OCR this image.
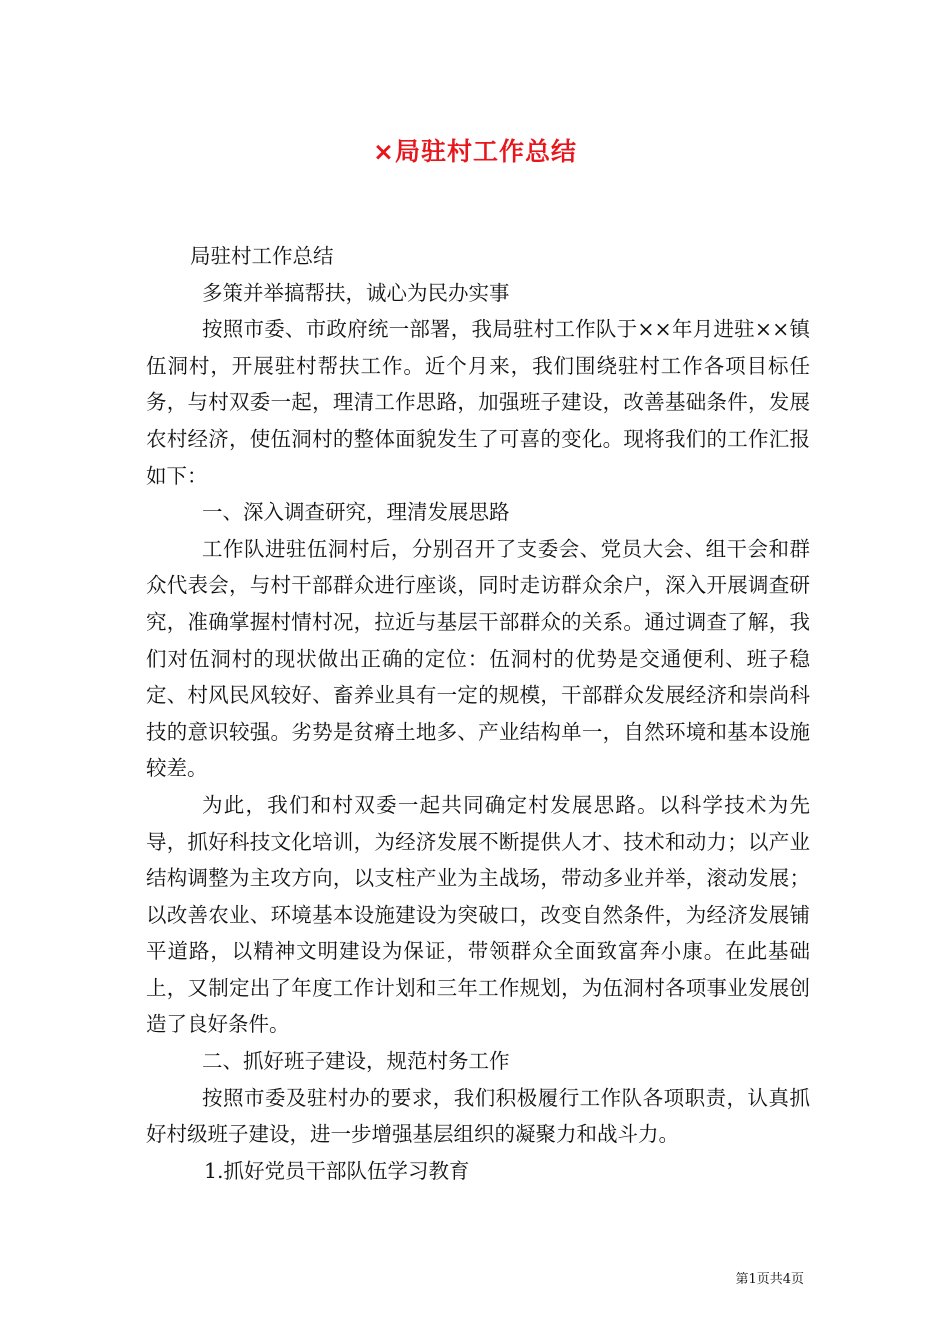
×局驻村工作总结

局驻村工作总结

多策并举搞帮扶，诚心为民办实事

按照市委、市政府统一部署，我局驻村工作队于××年月进驻××镇伍洞村，开展驻村帮扶工作。近个月来，我们围绕驻村工作各项目标任务，与村双委一起，理清工作思路，加强班子建设，改善基础条件，发展农村经济，使伍洞村的整体面貌发生了可喜的变化。现将我们的工作汇报如下：

一、深入调查研究，理清发展思路

工作队进驻伍洞村后，分别召开了支委会、党员大会、组干会和群众代表会，与村干部群众进行座谈，同时走访群众余户，深入开展调查研究，准确掌握村情村况，拉近与基层干部群众的关系。通过调查了解，我们对伍洞村的现状做出正确的定位：伍洞村的优势是交通便利、班子稳定、村风民风较好、畜养业具有一定的规模，干部群众发展经济和崇尚科技的意识较强。劣势是贫瘠土地多、产业结构单一，自然环境和基本设施较差。

为此，我们和村双委一起共同确定村发展思路。以科学技术为先导，抓好科技文化培训，为经济发展不断提供人才、技术和动力；以产业结构调整为主攻方向，以支柱产业为主战场，带动多业并举，滚动发展；以改善农业、环境基本设施建设为突破口，改变自然条件，为经济发展铺平道路，以精神文明建设为保证，带领群众全面致富奔小康。在此基础上，又制定出了年度工作计划和三年工作规划，为伍洞村各项事业发展创造了良好条件。

二、抓好班子建设，规范村务工作

按照市委及驻村办的要求，我们积极履行工作队各项职责，认真抓好村级班子建设，进一步增强基层组织的凝聚力和战斗力。

1.抓好党员干部队伍学习教育

第1页共4页
